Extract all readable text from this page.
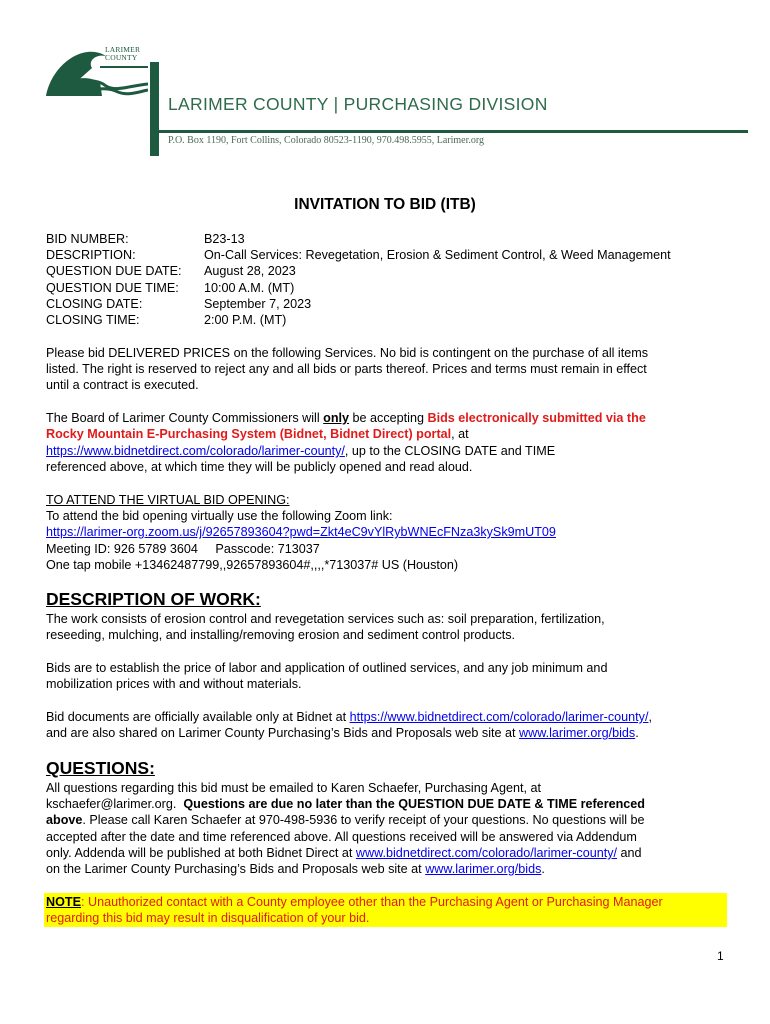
LARIMER
COUNTY
LARIMER COUNTY | PURCHASING DIVISION
P.O. Box 1190, Fort Collins, Colorado 80523-1190, 970.498.5955, Larimer.org
INVITATION TO BID (ITB)
BID NUMBER:	B23-13
DESCRIPTION:	On-Call Services: Revegetation, Erosion & Sediment Control, & Weed Management
QUESTION DUE DATE: August 28, 2023
QUESTION DUE TIME: 10:00 A.M. (MT)
CLOSING DATE:	September 7, 2023
CLOSING TIME:	2:00 P.M. (MT)
Please bid DELIVERED PRICES on the following Services. No bid is contingent on the purchase of all items
listed. The right is reserved to reject any and all bids or parts thereof. Prices and terms must remain in effect
until a contract is executed.
The Board of Larimer County Commissioners will only be accepting Bids electronically submitted via the
Rocky Mountain E-Purchasing System (Bidnet, Bidnet Direct) portal, at
https://www.bidnetdirect.com/colorado/larimer-county/, up to the CLOSING DATE and TIME
referenced above, at which time they will be publicly opened and read aloud.
TO ATTEND THE VIRTUAL BID OPENING:
To attend the bid opening virtually use the following Zoom link:
https://larimer-org.zoom.us/j/92657893604?pwd=Zkt4eC9vYlRybWNEcFNza3kySk9mUT09
Meeting ID: 926 5789 3604     Passcode: 713037
One tap mobile +13462487799,,92657893604#,,,,*713037# US (Houston)
DESCRIPTION OF WORK:
The work consists of erosion control and revegetation services such as: soil preparation, fertilization,
reseeding, mulching, and installing/removing erosion and sediment control products.
Bids are to establish the price of labor and application of outlined services, and any job minimum and
mobilization prices with and without materials.
Bid documents are officially available only at Bidnet at https://www.bidnetdirect.com/colorado/larimer-county/,
and are also shared on Larimer County Purchasing’s Bids and Proposals web site at www.larimer.org/bids.
QUESTIONS:
All questions regarding this bid must be emailed to Karen Schaefer, Purchasing Agent, at
kschaefer@larimer.org.  Questions are due no later than the QUESTION DUE DATE & TIME referenced
above. Please call Karen Schaefer at 970-498-5936 to verify receipt of your questions. No questions will be
accepted after the date and time referenced above. All questions received will be answered via Addendum
only. Addenda will be published at both Bidnet Direct at www.bidnetdirect.com/colorado/larimer-county/ and
on the Larimer County Purchasing’s Bids and Proposals web site at www.larimer.org/bids.
NOTE: Unauthorized contact with a County employee other than the Purchasing Agent or Purchasing Manager
regarding this bid may result in disqualification of your bid.
1
